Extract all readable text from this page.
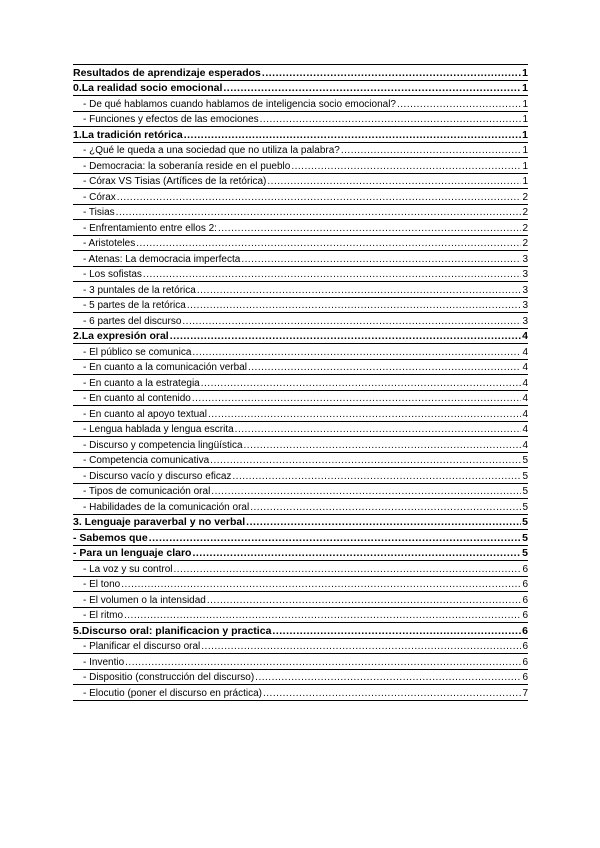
Resultados de aprendizaje esperados .....	1
0.La realidad socio emocional .....	1
- De qué hablamos cuando hablamos de inteligencia socio emocional? .....	1
- Funciones y efectos de las emociones .....	1
1.La tradición retórica .....	1
- ¿Qué le queda a una sociedad que no utiliza la palabra? .....	1
- Democracia: la soberanía reside en el pueblo .....	1
- Córax VS Tisias (Artífices de la retórica) .....	1
- Córax .....	2
- Tisias .....	2
- Enfrentamiento entre ellos 2: .....	2
- Aristoteles .....	2
- Atenas: La democracia imperfecta .....	3
- Los sofistas .....	3
- 3 puntales de la retórica .....	3
- 5 partes de la retórica .....	3
- 6 partes del discurso .....	3
2.La expresión oral .....	4
- El público se comunica .....	4
- En cuanto a la comunicación verbal .....	4
- En cuanto a la estrategia .....	4
- En cuanto al contenido .....	4
- En cuanto al apoyo textual .....	4
- Lengua hablada y lengua escrita .....	4
- Discurso y competencia lingüística .....	4
- Competencia comunicativa .....	5
- Discurso vacío y discurso eficaz .....	5
- Tipos de comunicación oral .....	5
- Habilidades de la comunicación oral .....	5
3. Lenguaje paraverbal y no verbal .....	5
- Sabemos que .....	5
- Para un lenguaje claro .....	5
- La voz y su control .....	6
- El tono .....	6
- El volumen o la intensidad .....	6
- El ritmo .....	6
5.Discurso oral: planificacion y practica .....	6
- Planificar el discurso oral .....	6
- Inventio .....	6
- Dispositio (construcción del discurso) .....	6
- Elocutio (poner el discurso en práctica) .....	7
